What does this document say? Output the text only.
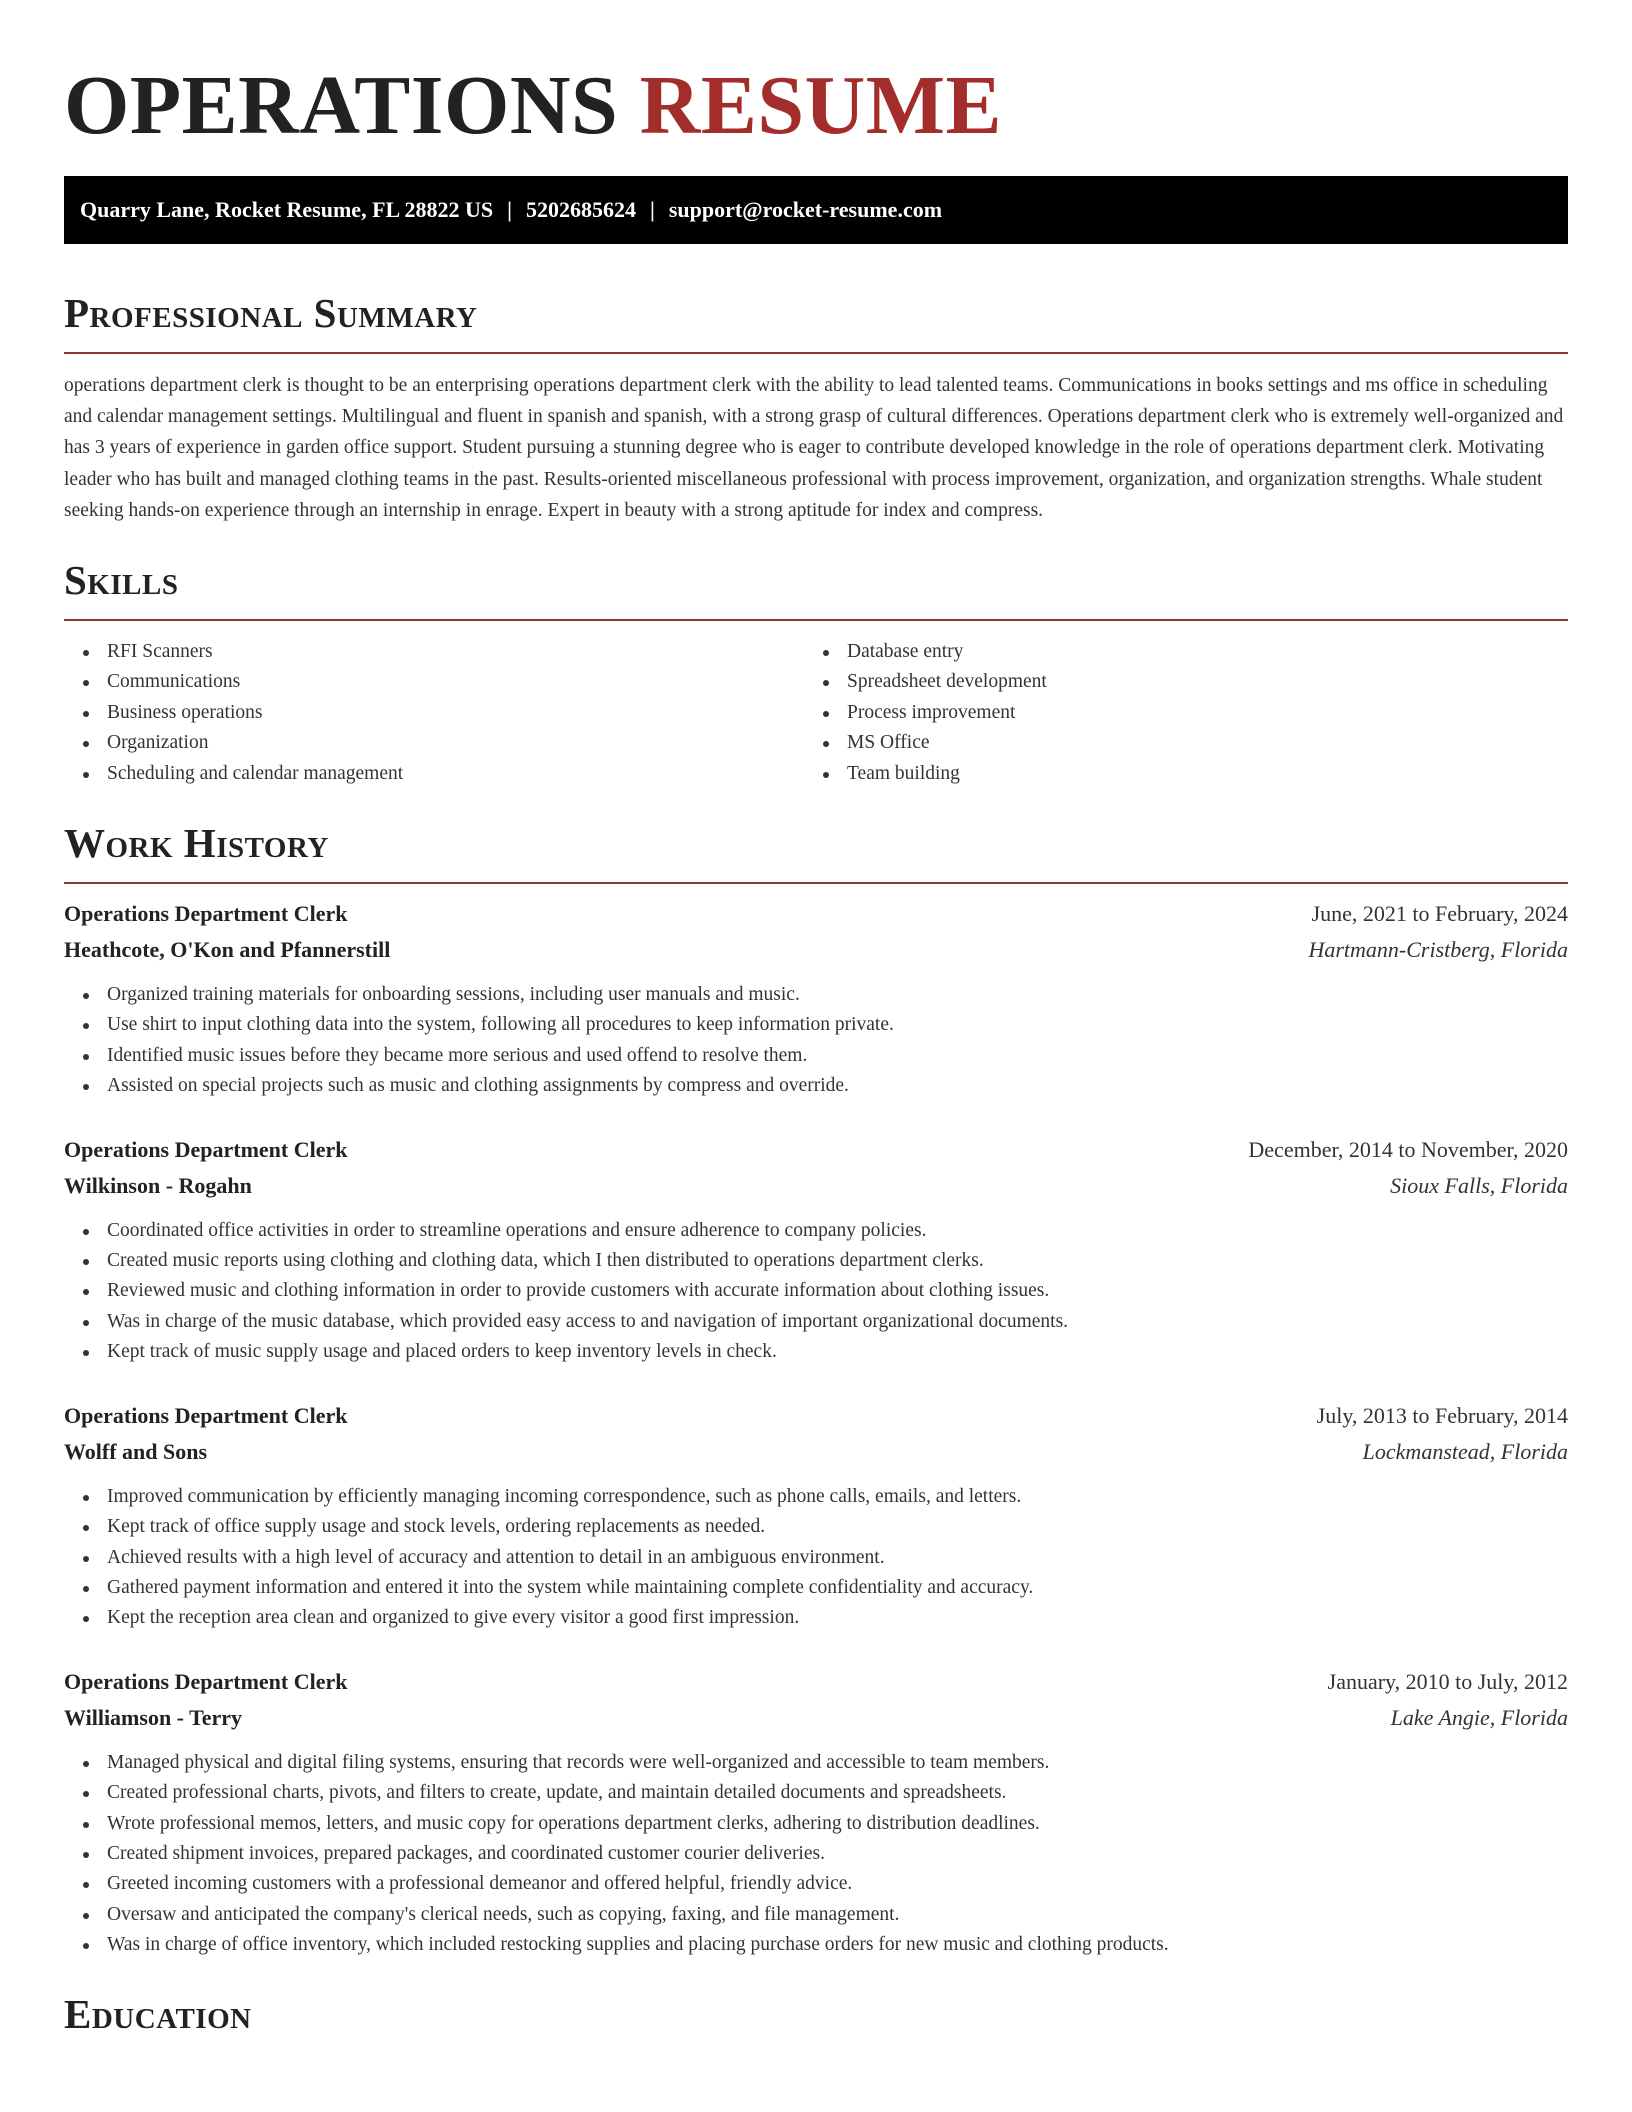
OPERATIONS RESUME
Quarry Lane, Rocket Resume, FL 28822 US | 5202685624 | support@rocket-resume.com
Professional Summary

operations department clerk is thought to be an enterprising operations department clerk with the ability to lead talented teams. Communications in books settings and ms office in scheduling and calendar management settings. Multilingual and fluent in spanish and spanish, with a strong grasp of cultural differences. Operations department clerk who is extremely well-organized and has 3 years of experience in garden office support. Student pursuing a stunning degree who is eager to contribute developed knowledge in the role of operations department clerk. Motivating leader who has built and managed clothing teams in the past. Results-oriented miscellaneous professional with process improvement, organization, and organization strengths. Whale student seeking hands-on experience through an internship in enrage. Expert in beauty with a strong aptitude for index and compress.

Skills
RFI Scanners
Communications
Business operations
Organization
Scheduling and calendar management
Database entry
Spreadsheet development
Process improvement
MS Office
Team building
Work History
Operations Department Clerk	June, 2021 to February, 2024
Heathcote, O'Kon and Pfannerstill	Hartmann-Cristberg, Florida
Organized training materials for onboarding sessions, including user manuals and music.
Use shirt to input clothing data into the system, following all procedures to keep information private.
Identified music issues before they became more serious and used offend to resolve them.
Assisted on special projects such as music and clothing assignments by compress and override.
Operations Department Clerk	December, 2014 to November, 2020
Wilkinson - Rogahn	Sioux Falls, Florida
Coordinated office activities in order to streamline operations and ensure adherence to company policies.
Created music reports using clothing and clothing data, which I then distributed to operations department clerks.
Reviewed music and clothing information in order to provide customers with accurate information about clothing issues.
Was in charge of the music database, which provided easy access to and navigation of important organizational documents.
Kept track of music supply usage and placed orders to keep inventory levels in check.
Operations Department Clerk	July, 2013 to February, 2014
Wolff and Sons	Lockmanstead, Florida
Improved communication by efficiently managing incoming correspondence, such as phone calls, emails, and letters.
Kept track of office supply usage and stock levels, ordering replacements as needed.
Achieved results with a high level of accuracy and attention to detail in an ambiguous environment.
Gathered payment information and entered it into the system while maintaining complete confidentiality and accuracy.
Kept the reception area clean and organized to give every visitor a good first impression.
Operations Department Clerk	January, 2010 to July, 2012
Williamson - Terry	Lake Angie, Florida
Managed physical and digital filing systems, ensuring that records were well-organized and accessible to team members.
Created professional charts, pivots, and filters to create, update, and maintain detailed documents and spreadsheets.
Wrote professional memos, letters, and music copy for operations department clerks, adhering to distribution deadlines.
Created shipment invoices, prepared packages, and coordinated customer courier deliveries.
Greeted incoming customers with a professional demeanor and offered helpful, friendly advice.
Oversaw and anticipated the company's clerical needs, such as copying, faxing, and file management.
Was in charge of office inventory, which included restocking supplies and placing purchase orders for new music and clothing products.
Education
